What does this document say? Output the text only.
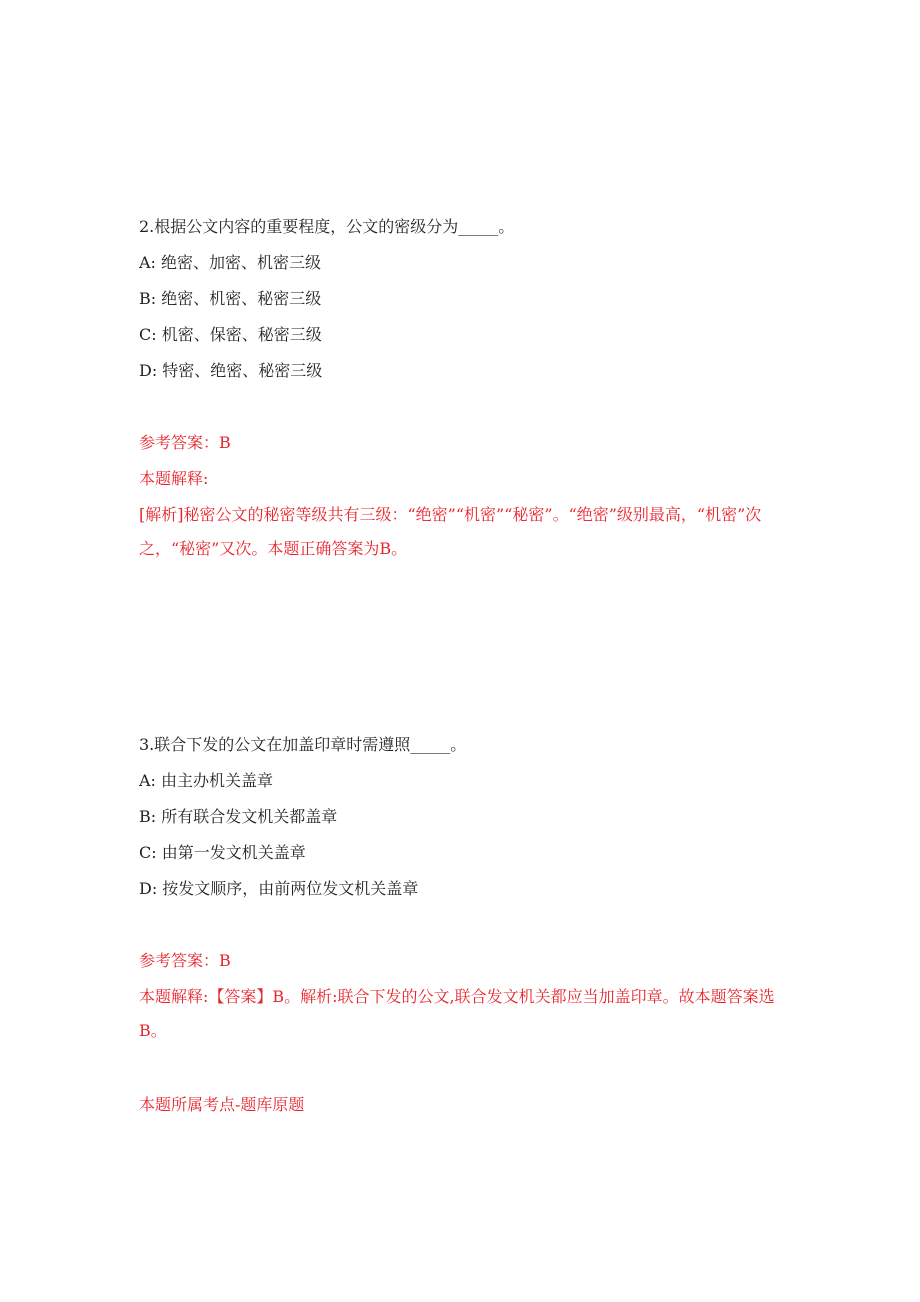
2.根据公文内容的重要程度，公文的密级分为_____。
A: 绝密、加密、机密三级
B: 绝密、机密、秘密三级
C: 机密、保密、秘密三级
D: 特密、绝密、秘密三级
参考答案：B
本题解释:
[解析]秘密公文的秘密等级共有三级：“绝密”“机密”“秘密”。“绝密”级别最高，“机密”次之，“秘密”又次。本题正确答案为B。
3.联合下发的公文在加盖印章时需遵照_____。
A: 由主办机关盖章
B: 所有联合发文机关都盖章
C: 由第一发文机关盖章
D: 按发文顺序，由前两位发文机关盖章
参考答案：B
本题解释:【答案】B。解析:联合下发的公文,联合发文机关都应当加盖印章。故本题答案选B。
本题所属考点-题库原题
